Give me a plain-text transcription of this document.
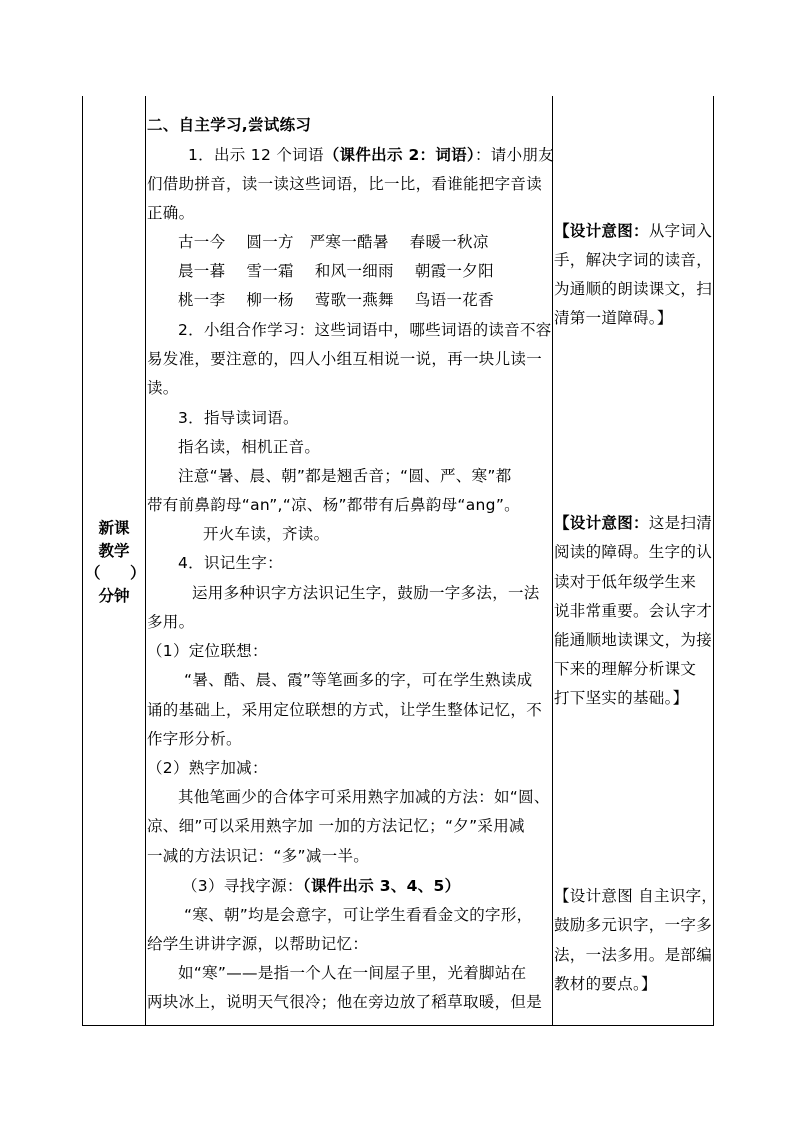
新课
教学
（ ）
分钟
二、自主学习,尝试练习
1．出示 12 个词语（课件出示 2：词语）：请小朋友
们借助拼音，读一读这些词语，比一比，看谁能把字音读
正确。
古一今　 圆一方　严寒一酷暑　 春暖一秋凉
晨一暮　 雪一霜　 和风一细雨　 朝霞一夕阳
桃一李　 柳一杨　 莺歌一燕舞　 鸟语一花香
2．小组合作学习：这些词语中，哪些词语的读音不容
易发准，要注意的，四人小组互相说一说，再一块儿读一
读。
3．指导读词语。
指名读，相机正音。
注意“暑、晨、朝”都是翘舌音；“圆、严、寒”都
带有前鼻韵母“an”,“凉、杨”都带有后鼻韵母“ang”。
开火车读，齐读。
4．识记生字：
运用多种识字方法识记生字，鼓励一字多法，一法
多用。
（1）定位联想：
“暑、酷、晨、霞”等笔画多的字，可在学生熟读成
诵的基础上，采用定位联想的方式，让学生整体记忆，不
作字形分析。
（2）熟字加减：
其他笔画少的合体字可采用熟字加减的方法：如“圆、
凉、细”可以采用熟字加 一加的方法记忆；“夕”采用减
一减的方法识记：“多”减一半。
（3）寻找字源：（课件出示 3、4、5）
“寒、朝”均是会意字，可让学生看看金文的字形，
给学生讲讲字源，以帮助记忆：
如“寒”——是指一个人在一间屋子里，光着脚站在
两块冰上，说明天气很冷；他在旁边放了稻草取暖，但是
【设计意图：从字词入
手，解决字词的读音，
为通顺的朗读课文，扫
清第一道障碍。】
【设计意图：这是扫清
阅读的障碍。生字的认
读对于低年级学生来
说非常重要。会认字才
能通顺地读课文，为接
下来的理解分析课文
打下坚实的基础。】
【设计意图 自主识字，
鼓励多元识字，一字多
法，一法多用。是部编
教材的要点。】
